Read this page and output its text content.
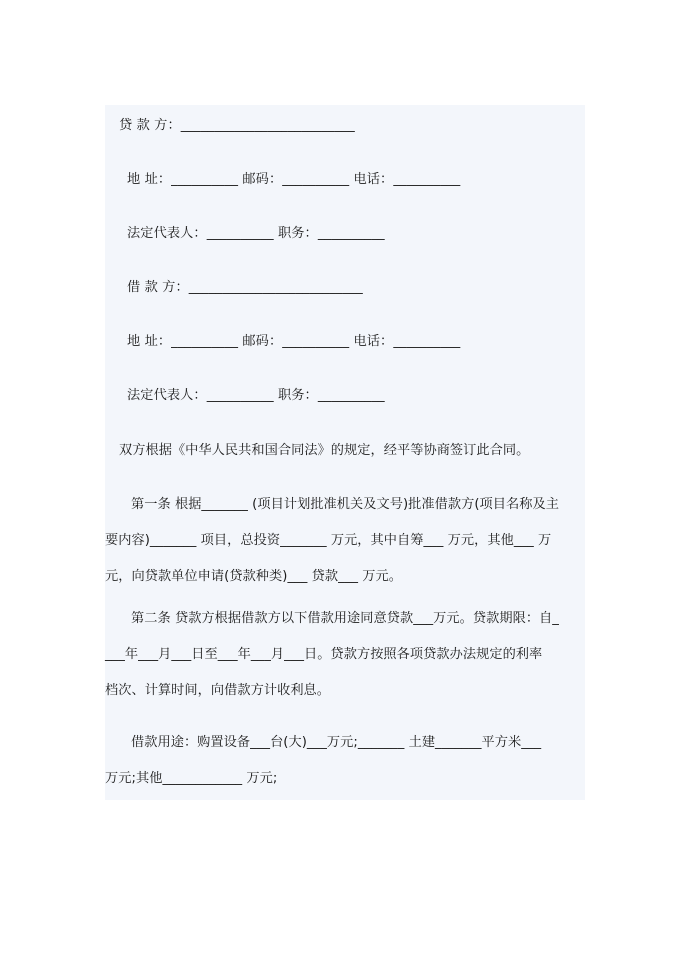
贷 款 方：__________________________
地 址：__________ 邮码：__________ 电话：__________
法定代表人：__________ 职务：__________
借 款 方：__________________________
地 址：__________ 邮码：__________ 电话：__________
法定代表人：__________ 职务：__________
双方根据《中华人民共和国合同法》的规定，经平等协商签订此合同。
第一条 根据_______ (项目计划批准机关及文号)批准借款方(项目名称及主
要内容)_______ 项目，总投资_______ 万元，其中自筹___ 万元，其他___ 万
元，向贷款单位申请(贷款种类)___ 贷款___ 万元。
第二条 贷款方根据借款方以下借款用途同意贷款___万元。贷款期限：自_
___年___月___日至___年___月___日。贷款方按照各项贷款办法规定的利率
档次、计算时间，向借款方计收利息。
借款用途：购置设备___台(大)___万元;_______ 土建_______平方米___
万元;其他____________ 万元;
